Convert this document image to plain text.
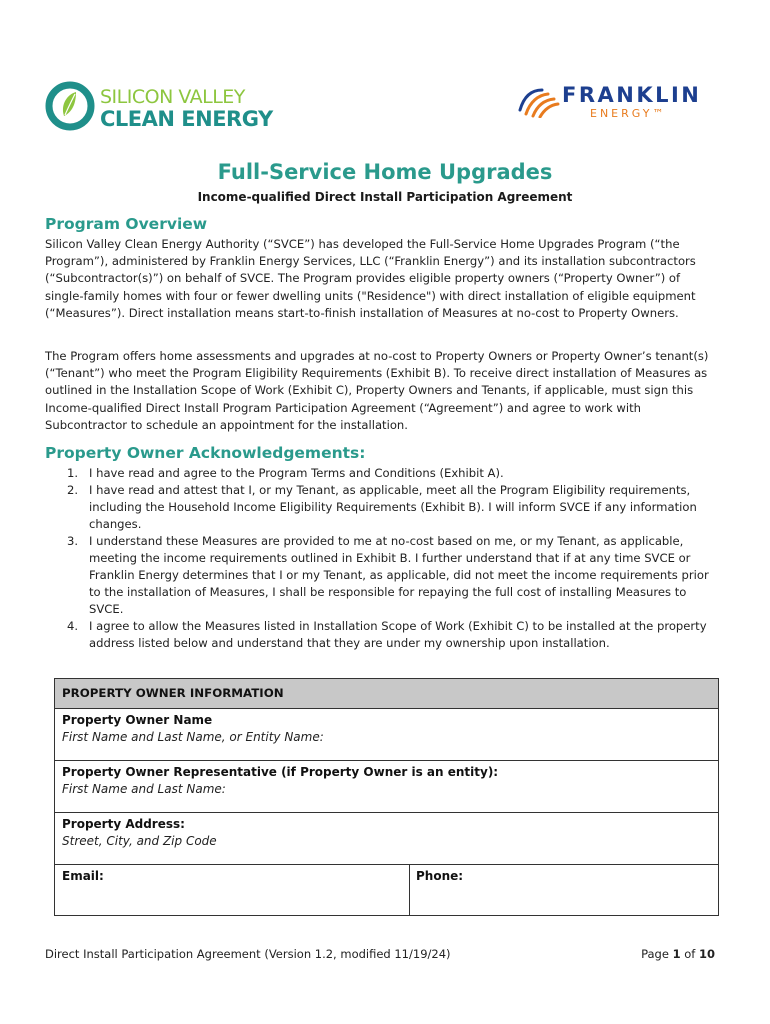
SILICON VALLEY
CLEAN ENERGY
FRANKLIN
ENERGY™
Full-Service Home Upgrades
Income-qualified Direct Install Participation Agreement
Program Overview

Silicon Valley Clean Energy Authority (“SVCE”) has developed the Full-Service Home Upgrades Program (“the Program”), administered by Franklin Energy Services, LLC (“Franklin Energy”) and its installation subcontractors (“Subcontractor(s)”) on behalf of SVCE. The Program provides eligible property owners (“Property Owner”) of single-family homes with four or fewer dwelling units ("Residence") with direct installation of eligible equipment (“Measures”). Direct installation means start-to-finish installation of Measures at no-cost to Property Owners.

The Program offers home assessments and upgrades at no-cost to Property Owners or Property Owner’s tenant(s) (“Tenant”) who meet the Program Eligibility Requirements (Exhibit B). To receive direct installation of Measures as outlined in the Installation Scope of Work (Exhibit C), Property Owners and Tenants, if applicable, must sign this Income-qualified Direct Install Program Participation Agreement (“Agreement”) and agree to work with Subcontractor to schedule an appointment for the installation.

Property Owner Acknowledgements:
1. I have read and agree to the Program Terms and Conditions (Exhibit A).
2. I have read and attest that I, or my Tenant, as applicable, meet all the Program Eligibility requirements, including the Household Income Eligibility Requirements (Exhibit B). I will inform SVCE if any information changes.
3. I understand these Measures are provided to me at no-cost based on me, or my Tenant, as applicable, meeting the income requirements outlined in Exhibit B. I further understand that if at any time SVCE or Franklin Energy determines that I or my Tenant, as applicable, did not meet the income requirements prior to the installation of Measures, I shall be responsible for repaying the full cost of installing Measures to SVCE.
4. I agree to allow the Measures listed in Installation Scope of Work (Exhibit C) to be installed at the property address listed below and understand that they are under my ownership upon installation.
PROPERTY OWNER INFORMATION
Property Owner Name
First Name and Last Name, or Entity Name:
Property Owner Representative (if Property Owner is an entity):
First Name and Last Name:
Property Address:
Street, City, and Zip Code
Email:	Phone:
Direct Install Participation Agreement (Version 1.2, modified 11/19/24)	Page 1 of 10
